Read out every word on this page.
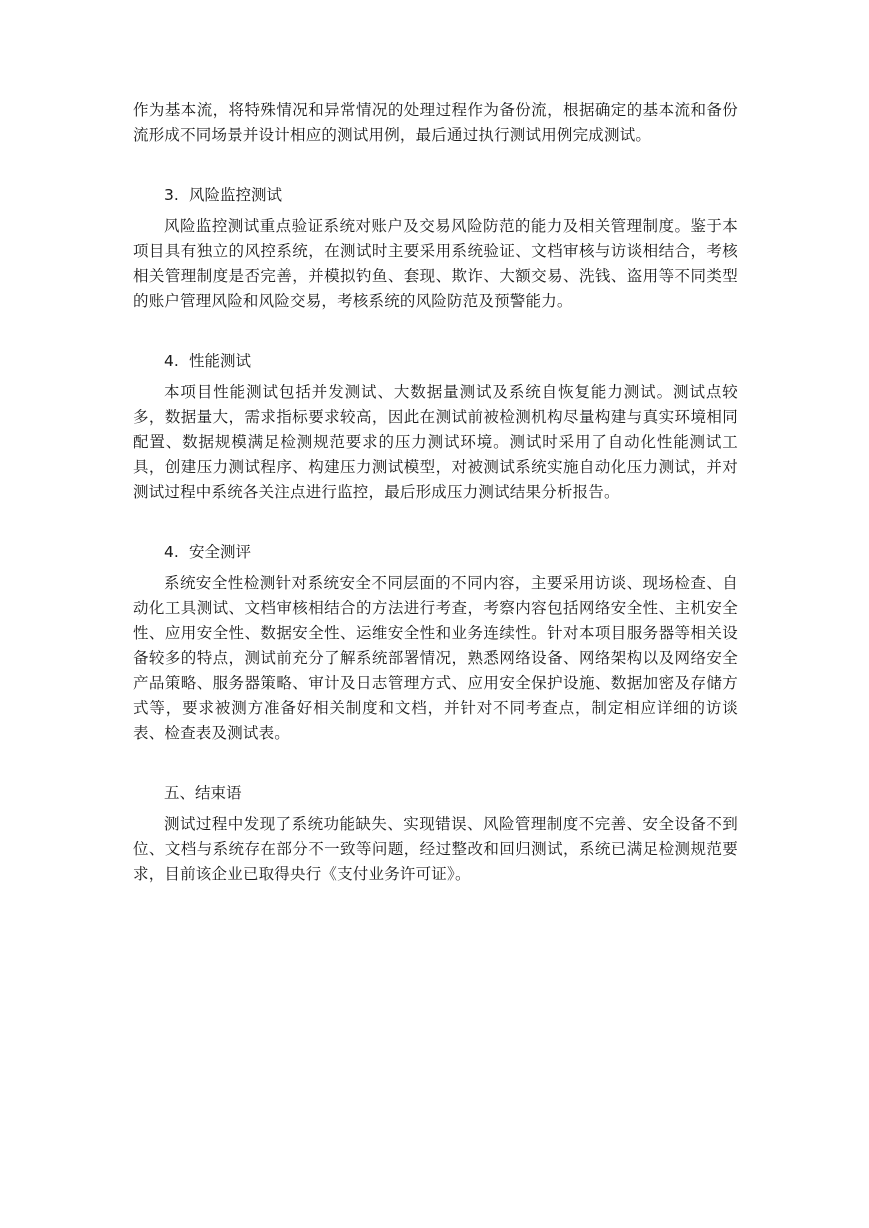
作为基本流，将特殊情况和异常情况的处理过程作为备份流，根据确定的基本流和备份流形成不同场景并设计相应的测试用例，最后通过执行测试用例完成测试。

3. 风险监控测试

风险监控测试重点验证系统对账户及交易风险防范的能力及相关管理制度。鉴于本项目具有独立的风控系统，在测试时主要采用系统验证、文档审核与访谈相结合，考核相关管理制度是否完善，并模拟钓鱼、套现、欺诈、大额交易、洗钱、盗用等不同类型的账户管理风险和风险交易，考核系统的风险防范及预警能力。

4. 性能测试

本项目性能测试包括并发测试、大数据量测试及系统自恢复能力测试。测试点较多，数据量大，需求指标要求较高，因此在测试前被检测机构尽量构建与真实环境相同配置、数据规模满足检测规范要求的压力测试环境。测试时采用了自动化性能测试工具，创建压力测试程序、构建压力测试模型，对被测试系统实施自动化压力测试，并对测试过程中系统各关注点进行监控，最后形成压力测试结果分析报告。

4. 安全测评

系统安全性检测针对系统安全不同层面的不同内容，主要采用访谈、现场检查、自动化工具测试、文档审核相结合的方法进行考查，考察内容包括网络安全性、主机安全性、应用安全性、数据安全性、运维安全性和业务连续性。针对本项目服务器等相关设备较多的特点，测试前充分了解系统部署情况，熟悉网络设备、网络架构以及网络安全产品策略、服务器策略、审计及日志管理方式、应用安全保护设施、数据加密及存储方式等，要求被测方准备好相关制度和文档，并针对不同考查点，制定相应详细的访谈表、检查表及测试表。

五、结束语

测试过程中发现了系统功能缺失、实现错误、风险管理制度不完善、安全设备不到位、文档与系统存在部分不一致等问题，经过整改和回归测试，系统已满足检测规范要求，目前该企业已取得央行《支付业务许可证》。
